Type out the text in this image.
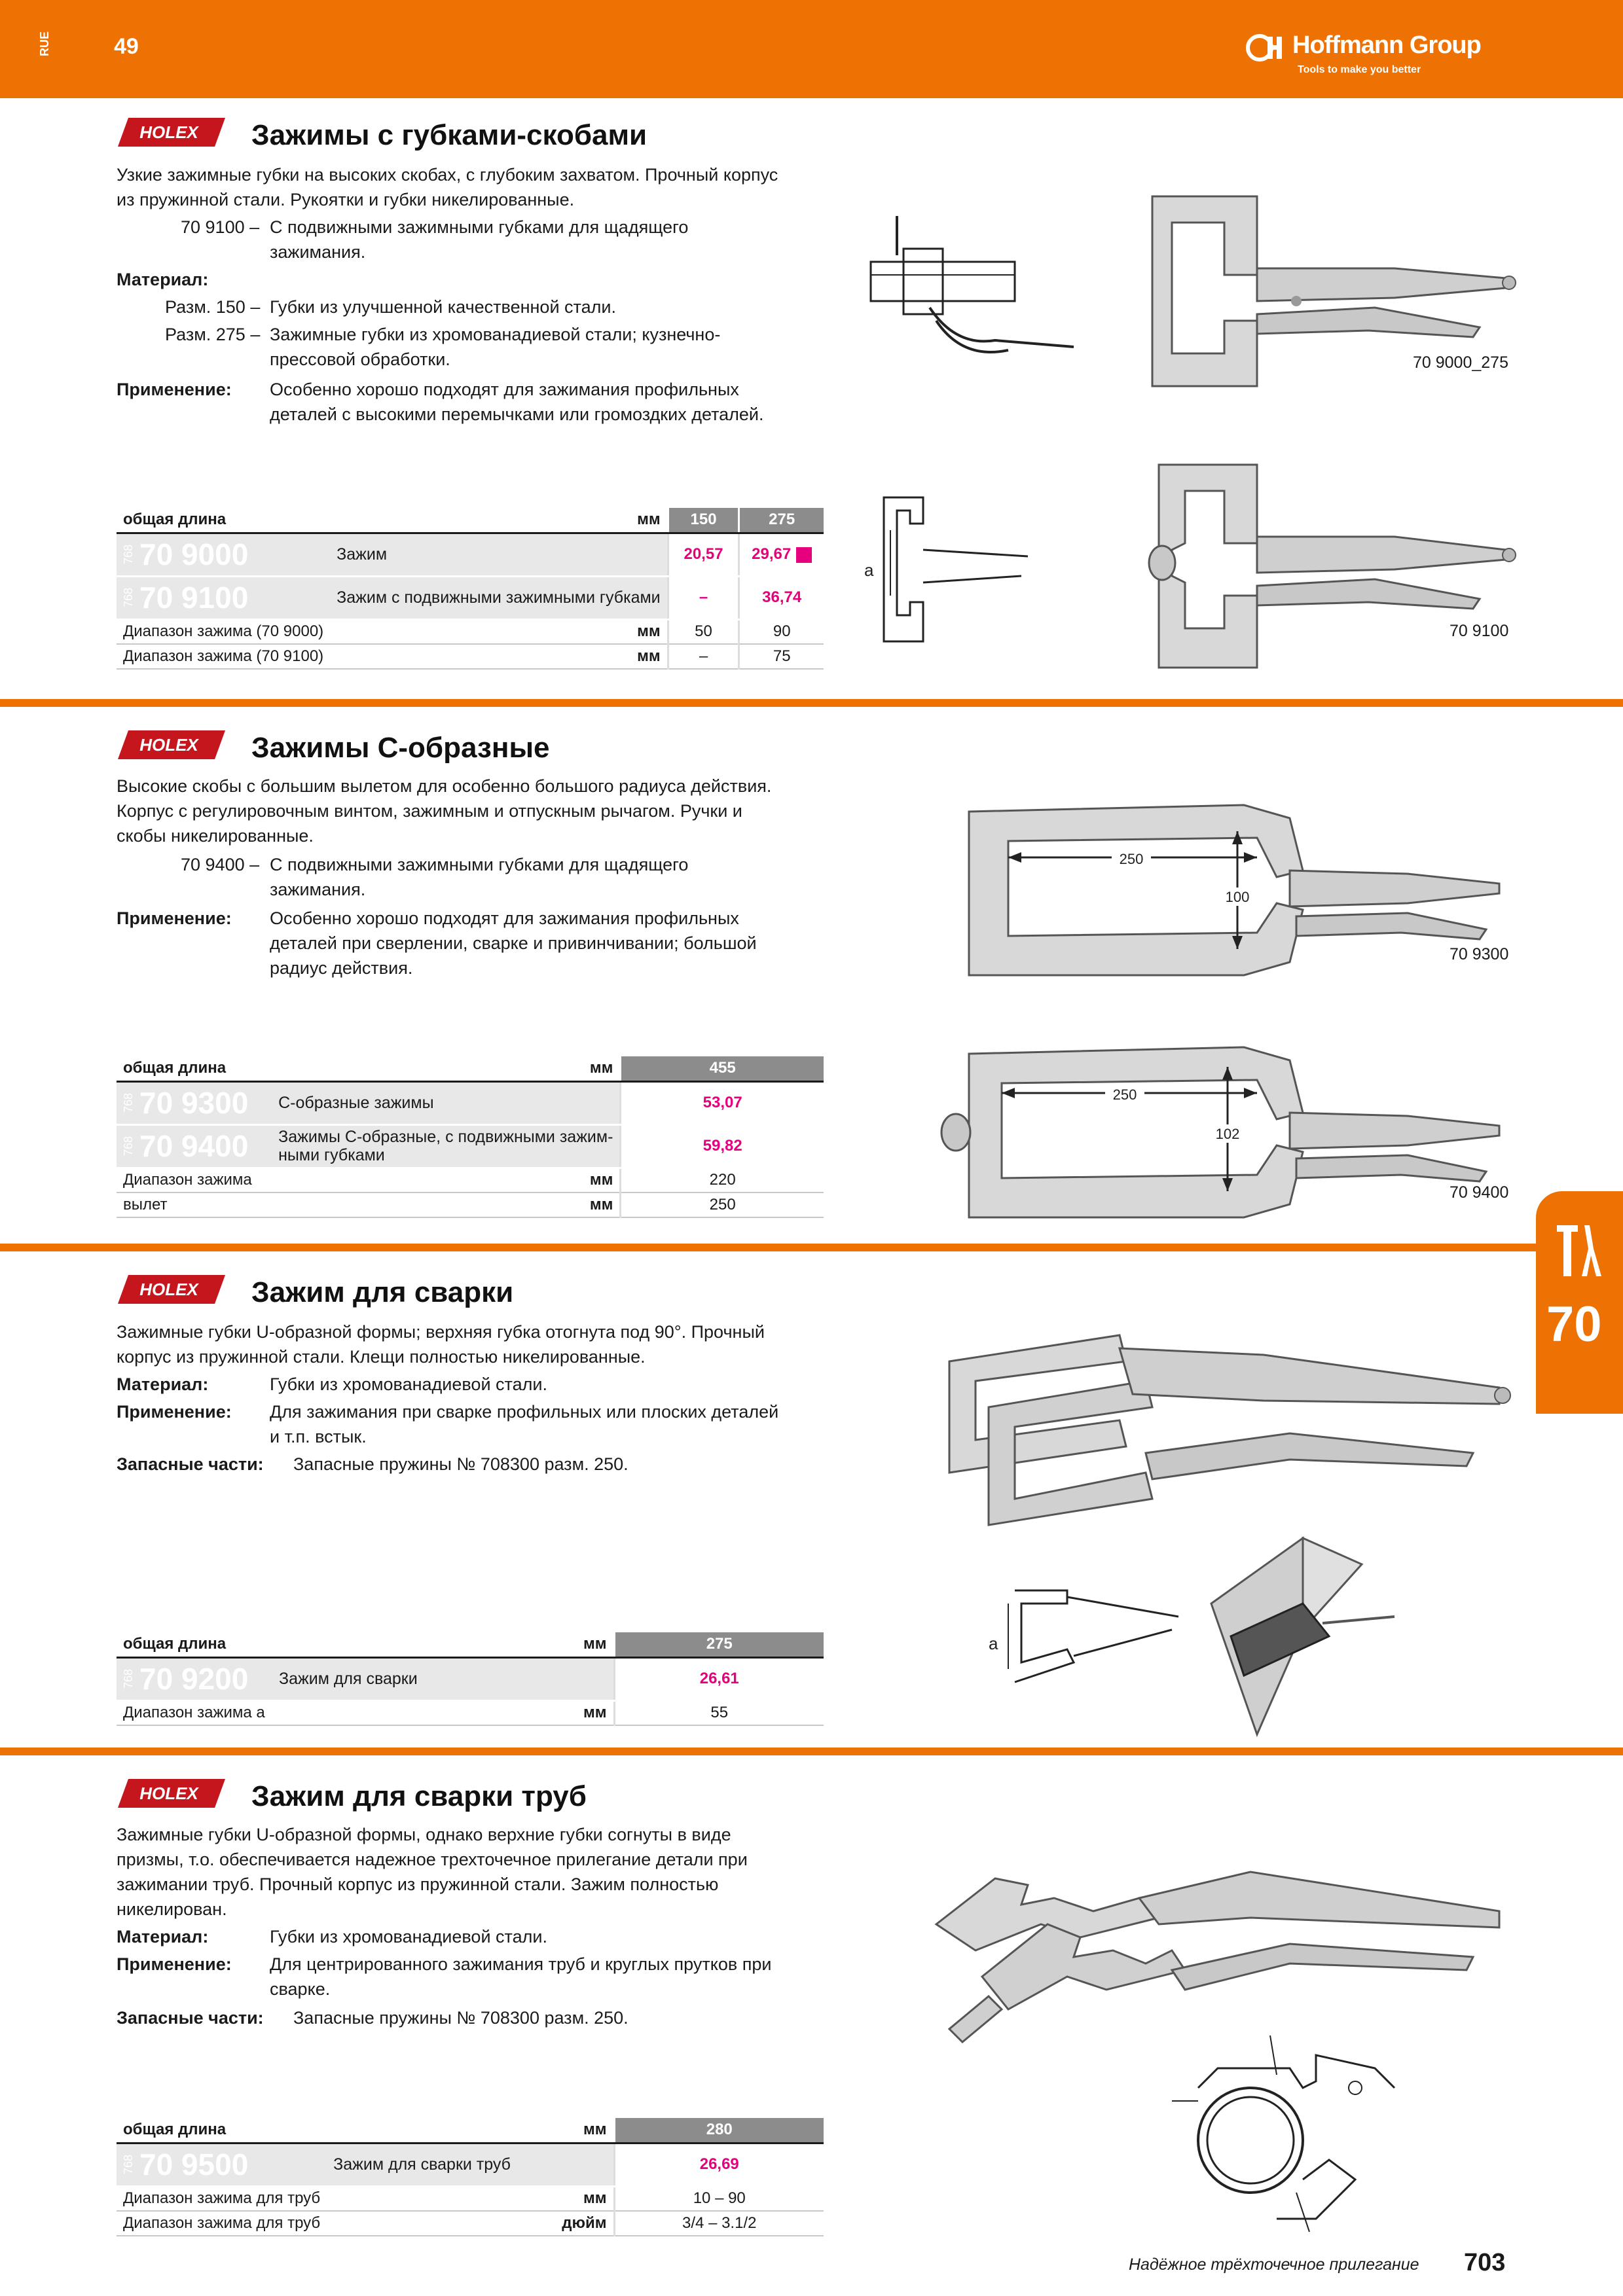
RUE	49	Hoffmann Group
Tools to make you better
HOLEX Зажимы с губками-скобами
Узкие зажимные губки на высоких скобах, с глубоким захватом. Прочный корпус
из пружинной стали. Рукоятки и губки никелированные.
70 9100 – С подвижными зажимными губками для щадящего
зажимания.
Материал:
Разм. 150 – Губки из улучшенной качественной стали.
Разм. 275 – Зажимные губки из хромованадиевой стали; кузнечно-
прессовой обработки.
Применение: Особенно хорошо подходят для зажимания профильных
деталей с высокими перемычками или громоздких деталей.
общая длина		мм	150	275
768 70 9000	Зажим		20,57	29,67
768 70 9100	Зажим с подвижными зажимными губками		–	36,74
Диапазон зажима (70 9000)		мм	50	90
Диапазон зажима (70 9100)		мм	–	75
70 9000_275
a
70 9100
HOLEX Зажимы С-образные
Высокие скобы с большим вылетом для особенно большого радиуса действия.
Корпус с регулировочным винтом, зажимным и отпускным рычагом. Ручки и
скобы никелированные.
70 9400 – С подвижными зажимными губками для щадящего
зажимания.
Применение: Особенно хорошо подходят для зажимания профильных
деталей при сверлении, сварке и привинчивании; большой
радиус действия.
общая длина		мм	455
768 70 9300	С-образные зажимы		53,07
768 70 9400	Зажимы С-образные, с подвижными зажим-
ными губками		59,82
Диапазон зажима		мм	220
вылет		мм	250
250
100
70 9300
250
102
70 9400
70
HOLEX Зажим для сварки
Зажимные губки U-образной формы; верхняя губка отогнута под 90°. Прочный
корпус из пружинной стали. Клещи полностью никелированные.
Материал:	Губки из хромованадиевой стали.
Применение: Для зажимания при сварке профильных или плоских деталей
и т.п. встык.
Запасные части: Запасные пружины № 708300 разм. 250.
общая длина		мм	275
768 70 9200	Зажим для сварки		26,61
Диапазон зажима а		мм	55
a
HOLEX Зажим для сварки труб
Зажимные губки U-образной формы, однако верхние губки согнуты в виде
призмы, т.о. обеспечивается надежное трехточечное прилегание детали при
зажимании труб. Прочный корпус из пружинной стали. Зажим полностью
никелирован.
Материал:	Губки из хромованадиевой стали.
Применение: Для центрированного зажимания труб и круглых прутков при
сварке.
Запасные части: Запасные пружины № 708300 разм. 250.
общая длина		мм	280
768 70 9500	Зажим для сварки труб		26,69
Диапазон зажима для труб		мм	10 – 90
Диапазон зажима для труб		дюйм	3/4 – 3.1/2
Надёжное трёхточечное прилегание 703
